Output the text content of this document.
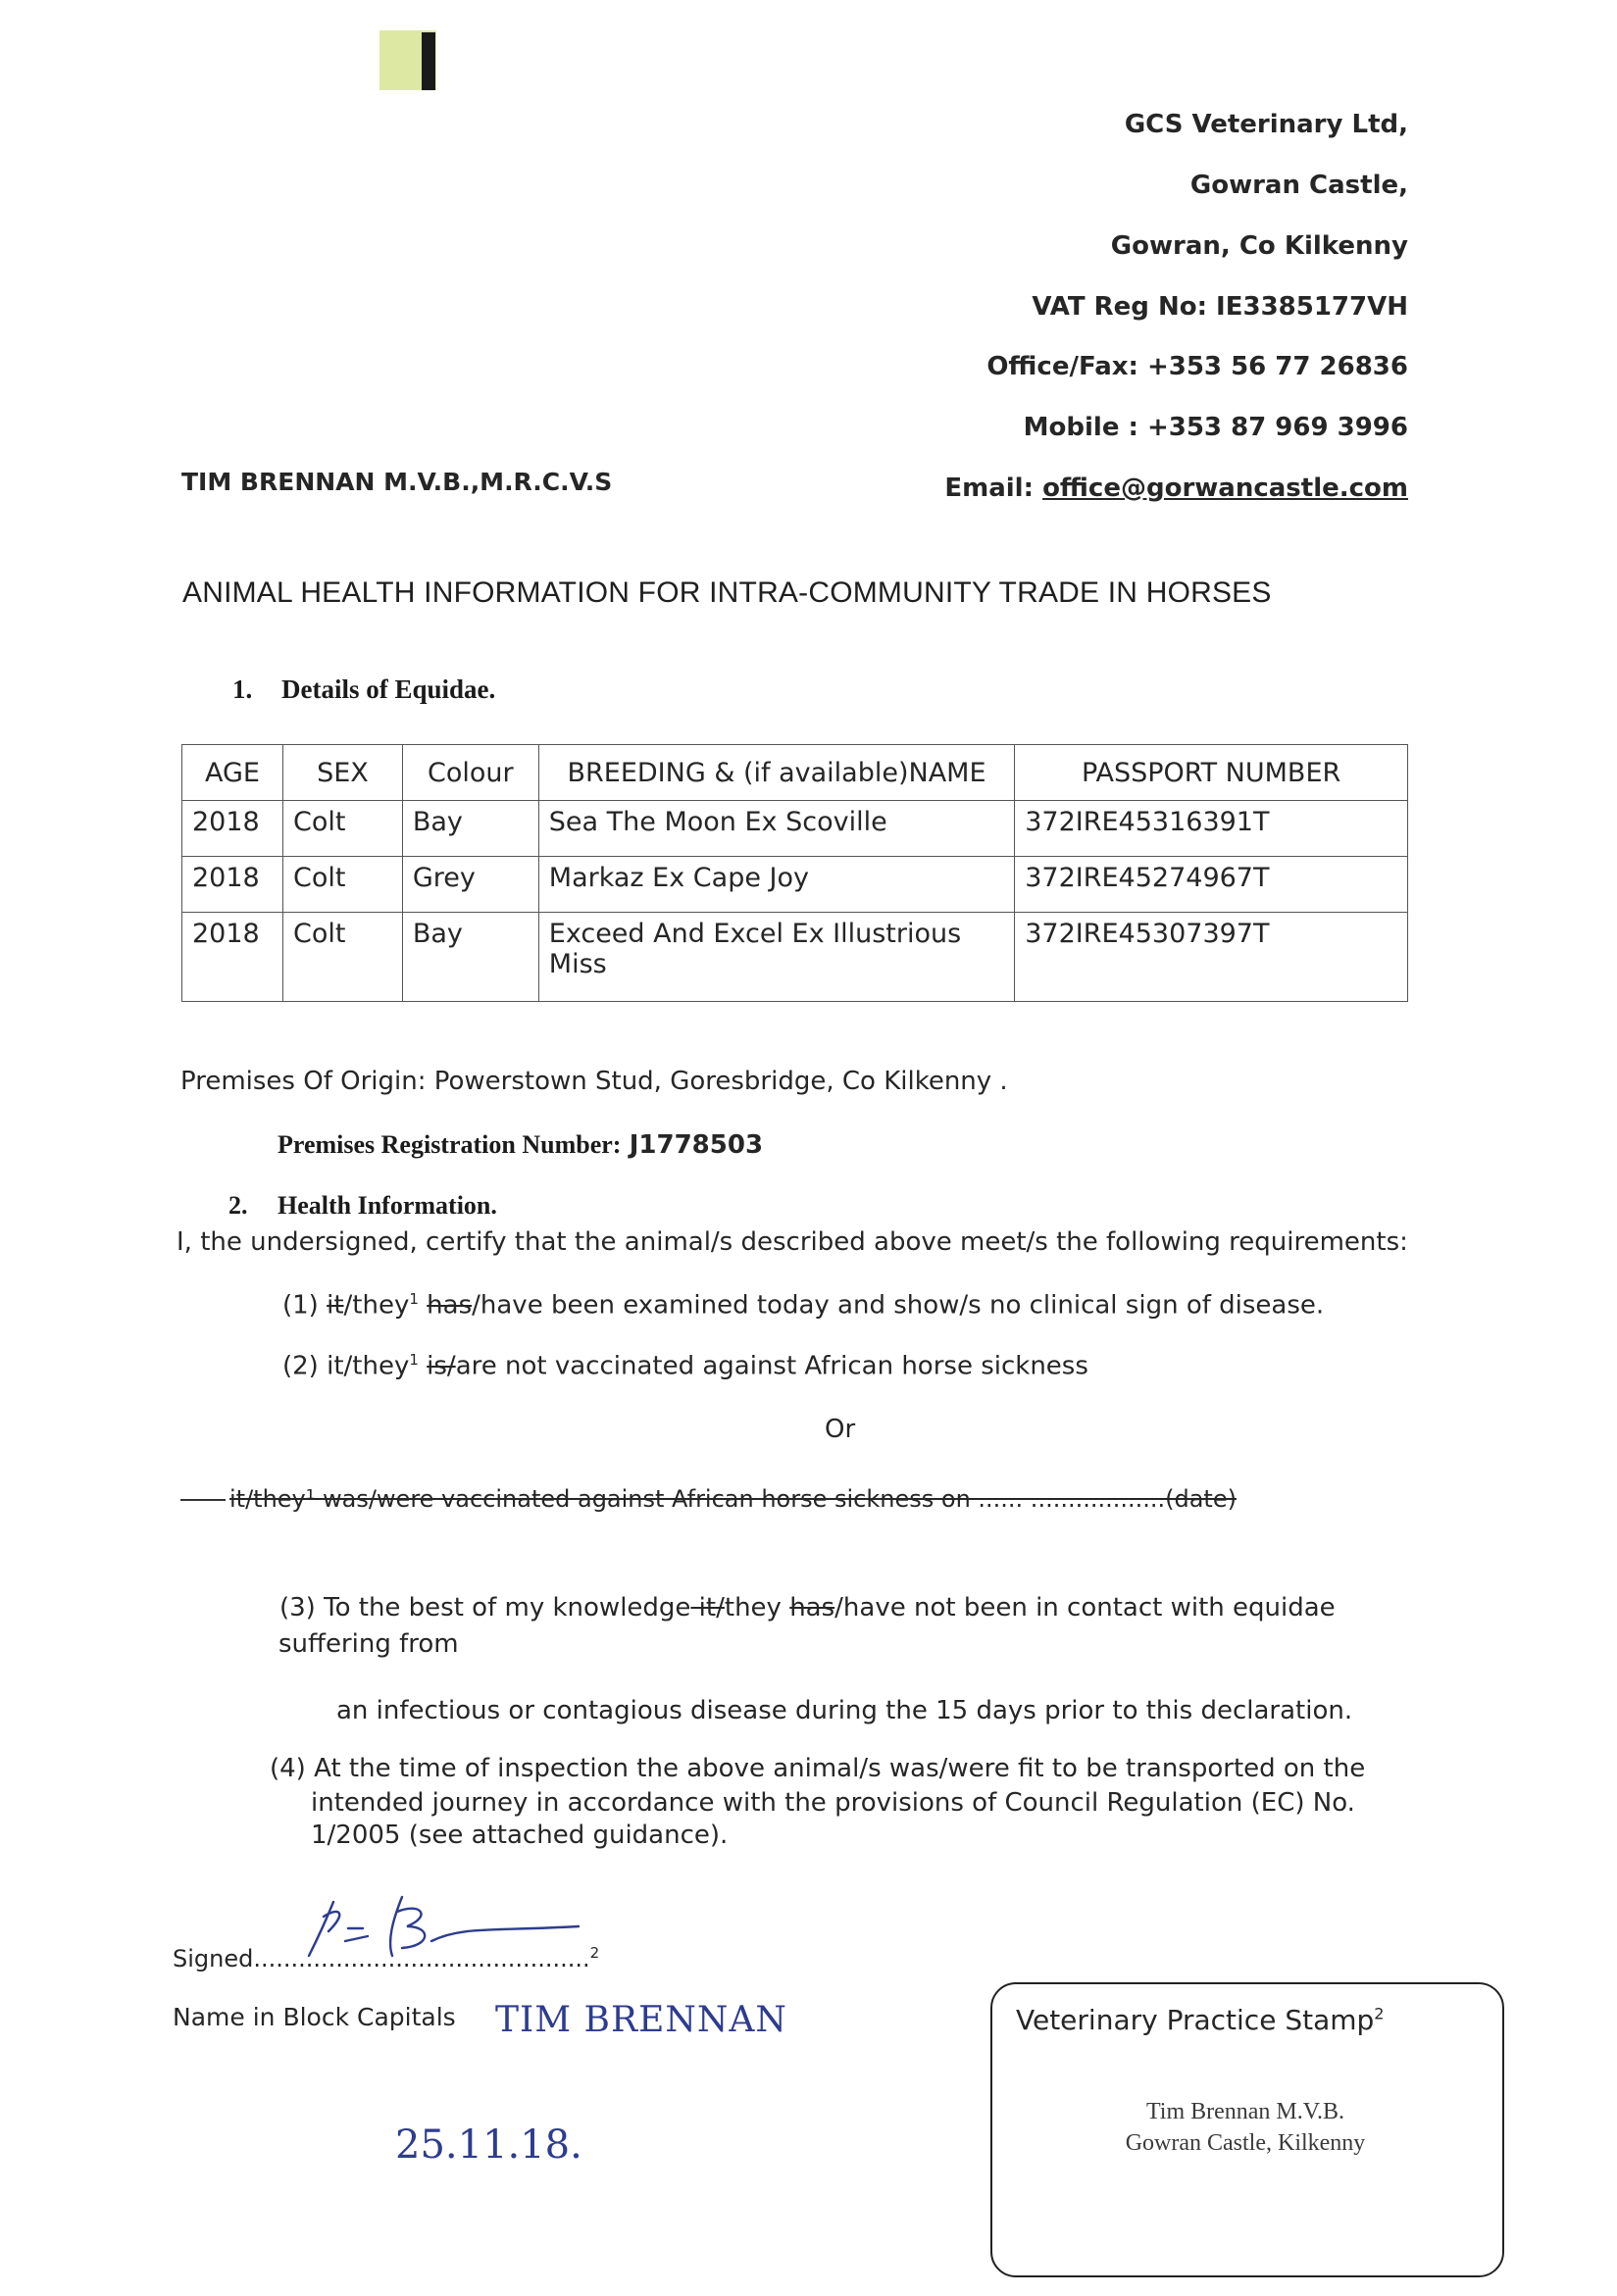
GCS Veterinary Ltd,
Gowran Castle,
Gowran, Co Kilkenny
VAT Reg No: IE3385177VH
Office/Fax: +353 56 77 26836
Mobile : +353 87 969 3996
Email: office@gorwancastle.com
TIM BRENNAN M.V.B.,M.R.C.V.S
ANIMAL HEALTH INFORMATION FOR INTRA-COMMUNITY TRADE IN HORSES
1. Details of Equidae.
AGE	SEX	Colour	BREEDING & (if available)NAME	PASSPORT NUMBER
2018	Colt	Bay	Sea The Moon Ex Scoville	372IRE45316391T
2018	Colt	Grey	Markaz Ex Cape Joy	372IRE45274967T
2018	Colt	Bay	Exceed And Excel Ex Illustrious Miss	372IRE45307397T
Premises Of Origin: Powerstown Stud, Goresbridge, Co Kilkenny .
Premises Registration Number: J1778503
2. Health Information.
I, the undersigned, certify that the animal/s described above meet/s the following requirements:
(1) it/they$^1$ has/have been examined today and show/s no clinical sign of disease.
(2) it/they$^1$ is/are not vaccinated against African horse sickness
Or
it/they¹ was/were vaccinated against African horse sickness on ...... ..................(date)
(3) To the best of my knowledge it/they has/have not been in contact with equidae
suffering from
an infectious or contagious disease during the 15 days prior to this declaration.
(4) At the time of inspection the above animal/s was/were fit to be transported on the
intended journey in accordance with the provisions of Council Regulation (EC) No.
1/2005 (see attached guidance).
Signed.............................................$^2$
Name in Block Capitals TIM BRENNAN
25.11.18.
Veterinary Practice Stamp$^2$
Tim Brennan M.V.B.
Gowran Castle, Kilkenny
